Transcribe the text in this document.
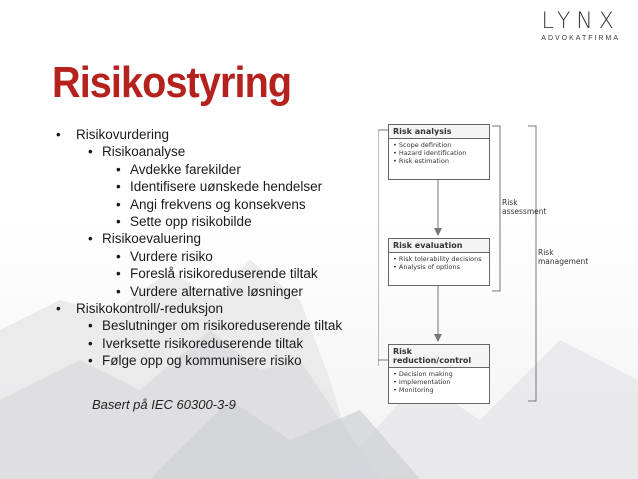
LYNX
ADVOKATFIRMA
Risikostyring
• Risikovurdering
• Risikoanalyse
• Avdekke farekilder
• Identifisere uønskede hendelser
• Angi frekvens og konsekvens
• Sette opp risikobilde
• Risikoevaluering
• Vurdere risiko
• Foreslå risikoreduserende tiltak
• Vurdere alternative løsninger
• Risikokontroll/-reduksjon
• Beslutninger om risikoreduserende tiltak
• Iverksette risikoreduserende tiltak
• Følge opp og kommunisere risiko
Basert på IEC 60300-3-9
Risk analysis
• Scope definition
• Hazard identification
• Risk estimation
Risk evaluation
• Risk tolerability decisions
• Analysis of options
Risk reduction/control
• Decision making
• Implementation
• Monitoring
Risk assessment
Risk management
